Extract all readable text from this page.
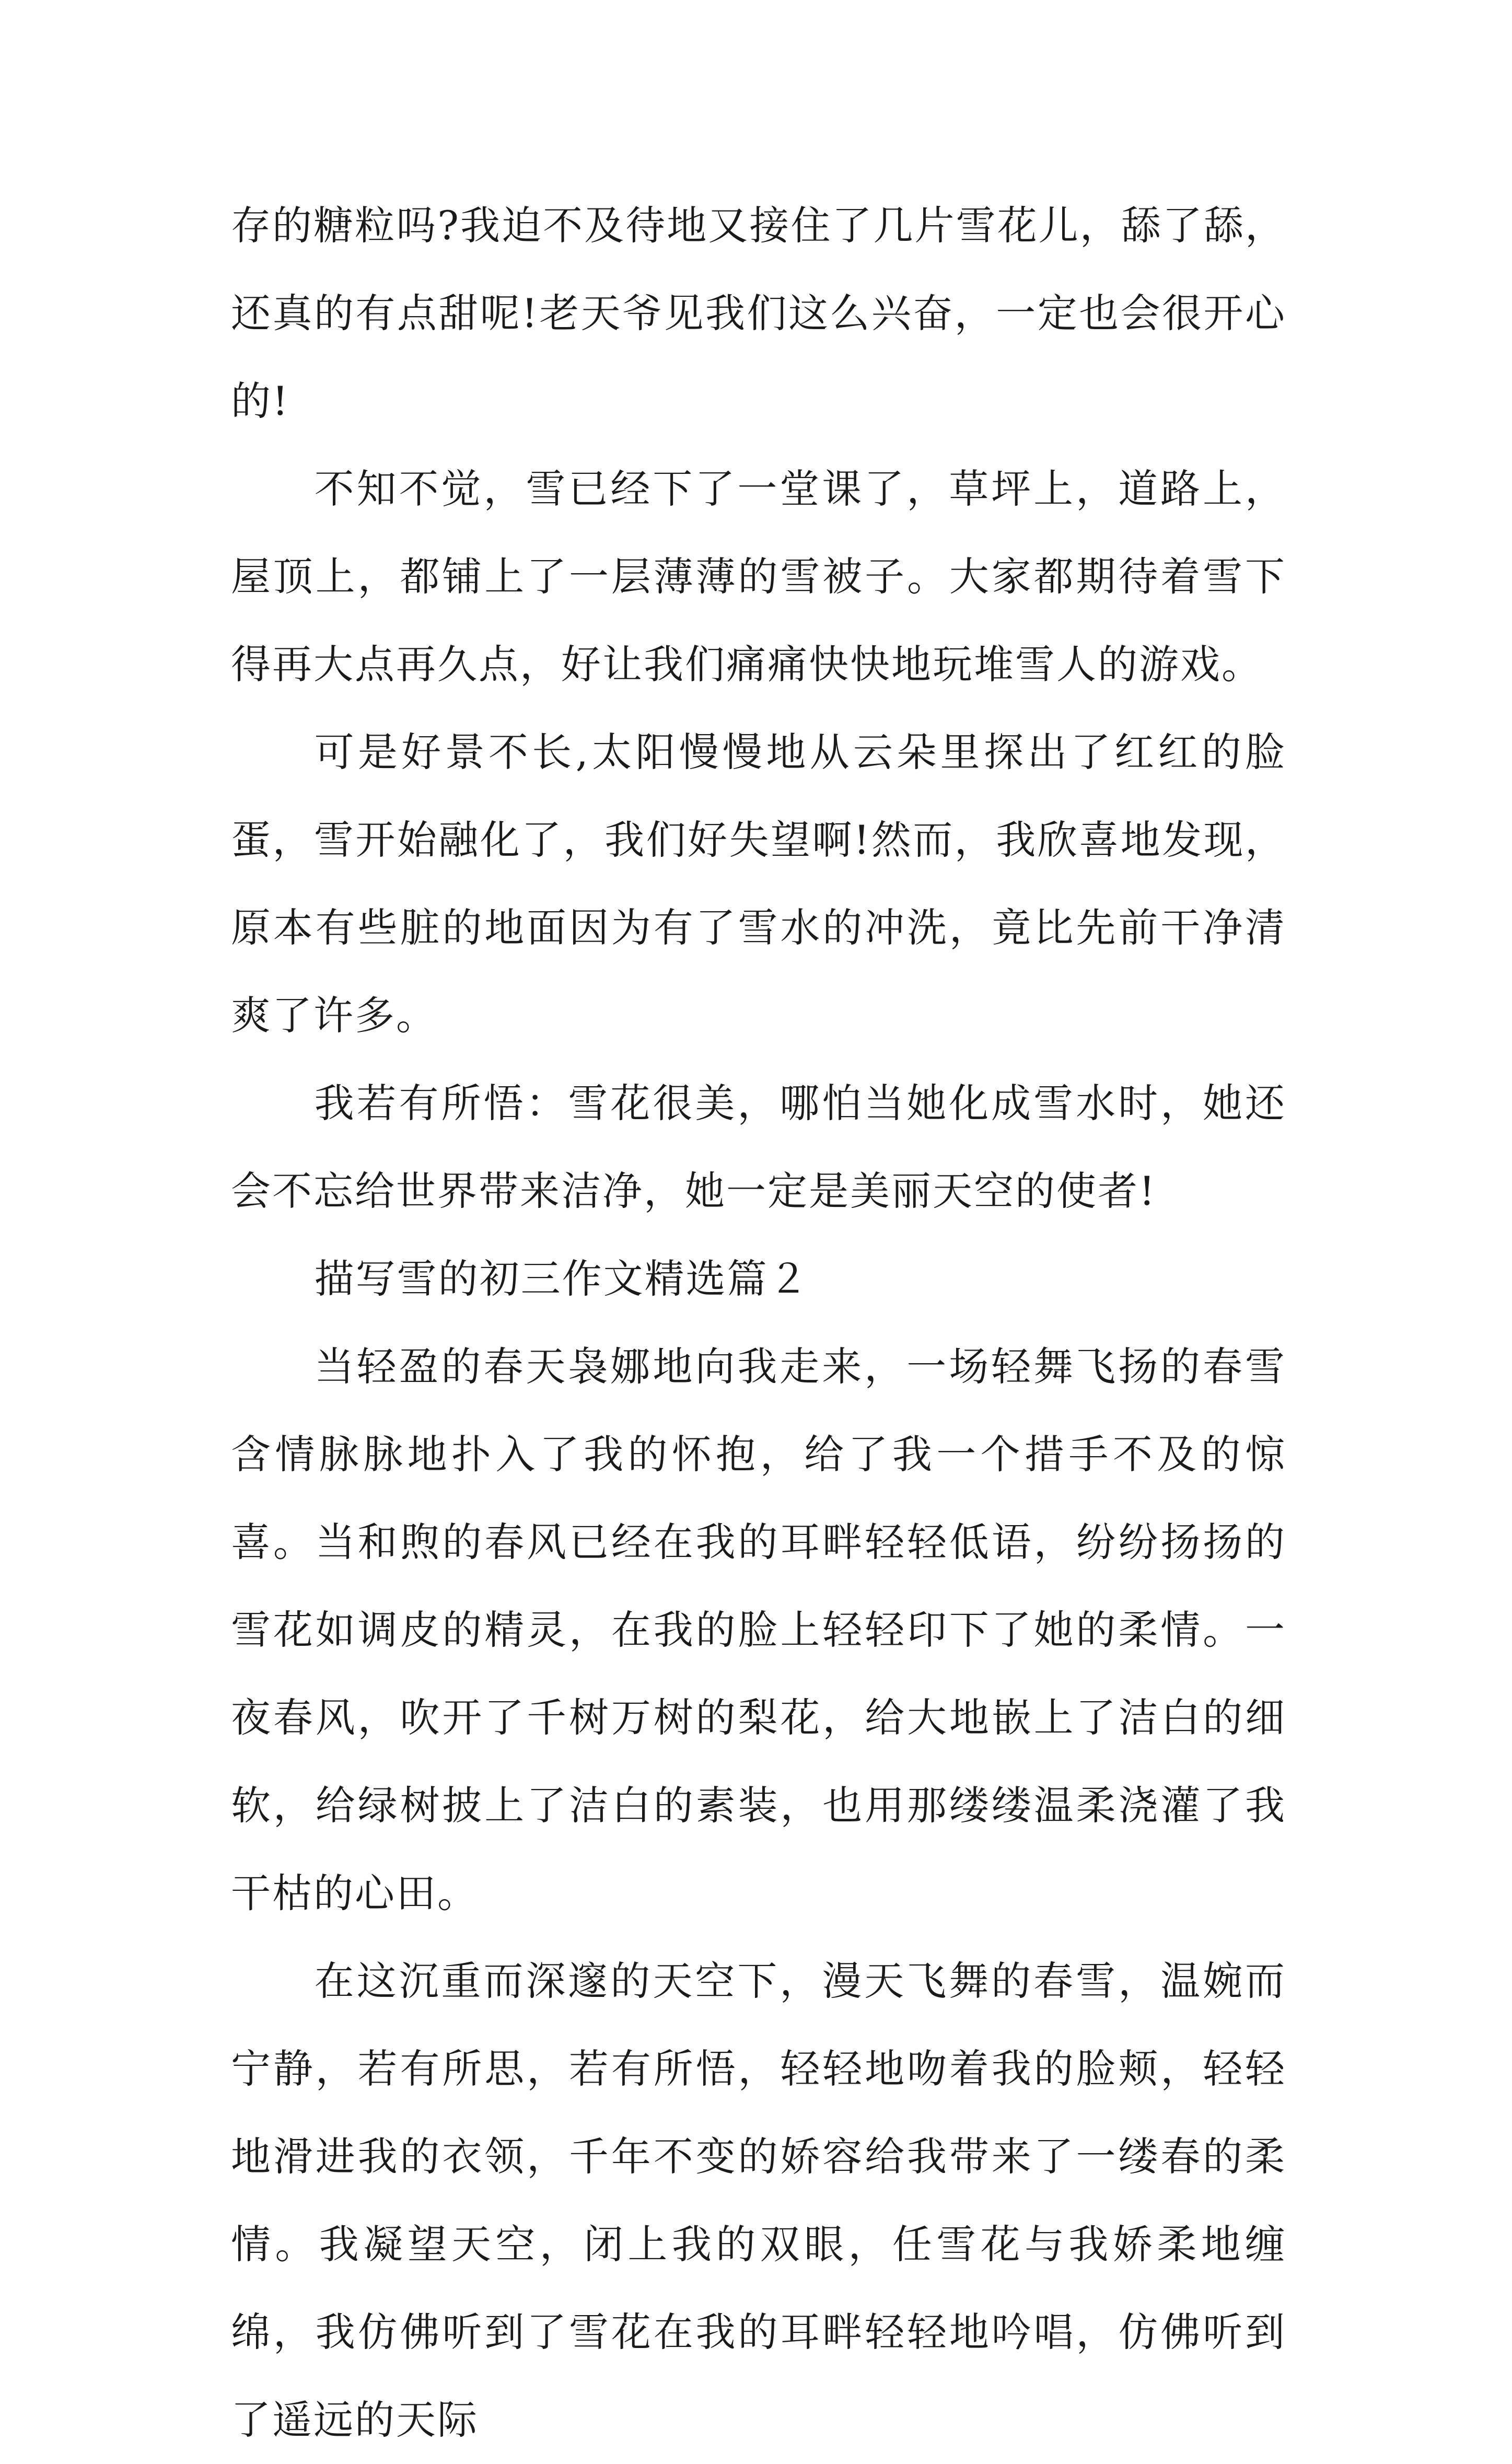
存的糖粒吗?我迫不及待地又接住了几片雪花儿，舔了舔，还真的有点甜呢!老天爷见我们这么兴奋，一定也会很开心的!

不知不觉，雪已经下了一堂课了，草坪上，道路上，屋顶上，都铺上了一层薄薄的雪被子。大家都期待着雪下得再大点再久点，好让我们痛痛快快地玩堆雪人的游戏。

可是好景不长,太阳慢慢地从云朵里探出了红红的脸蛋，雪开始融化了，我们好失望啊!然而，我欣喜地发现，原本有些脏的地面因为有了雪水的冲洗，竟比先前干净清爽了许多。

我若有所悟：雪花很美，哪怕当她化成雪水时，她还会不忘给世界带来洁净，她一定是美丽天空的使者!

描写雪的初三作文精选篇２

当轻盈的春天袅娜地向我走来，一场轻舞飞扬的春雪含情脉脉地扑入了我的怀抱，给了我一个措手不及的惊喜。当和煦的春风已经在我的耳畔轻轻低语，纷纷扬扬的雪花如调皮的精灵，在我的脸上轻轻印下了她的柔情。一夜春风，吹开了千树万树的梨花，给大地嵌上了洁白的细软，给绿树披上了洁白的素装，也用那缕缕温柔浇灌了我干枯的心田。

在这沉重而深邃的天空下，漫天飞舞的春雪，温婉而宁静，若有所思，若有所悟，轻轻地吻着我的脸颊，轻轻地滑进我的衣领，千年不变的娇容给我带来了一缕春的柔情。我凝望天空，闭上我的双眼，任雪花与我娇柔地缠绵，我仿佛听到了雪花在我的耳畔轻轻地吟唱，仿佛听到了遥远的天际
